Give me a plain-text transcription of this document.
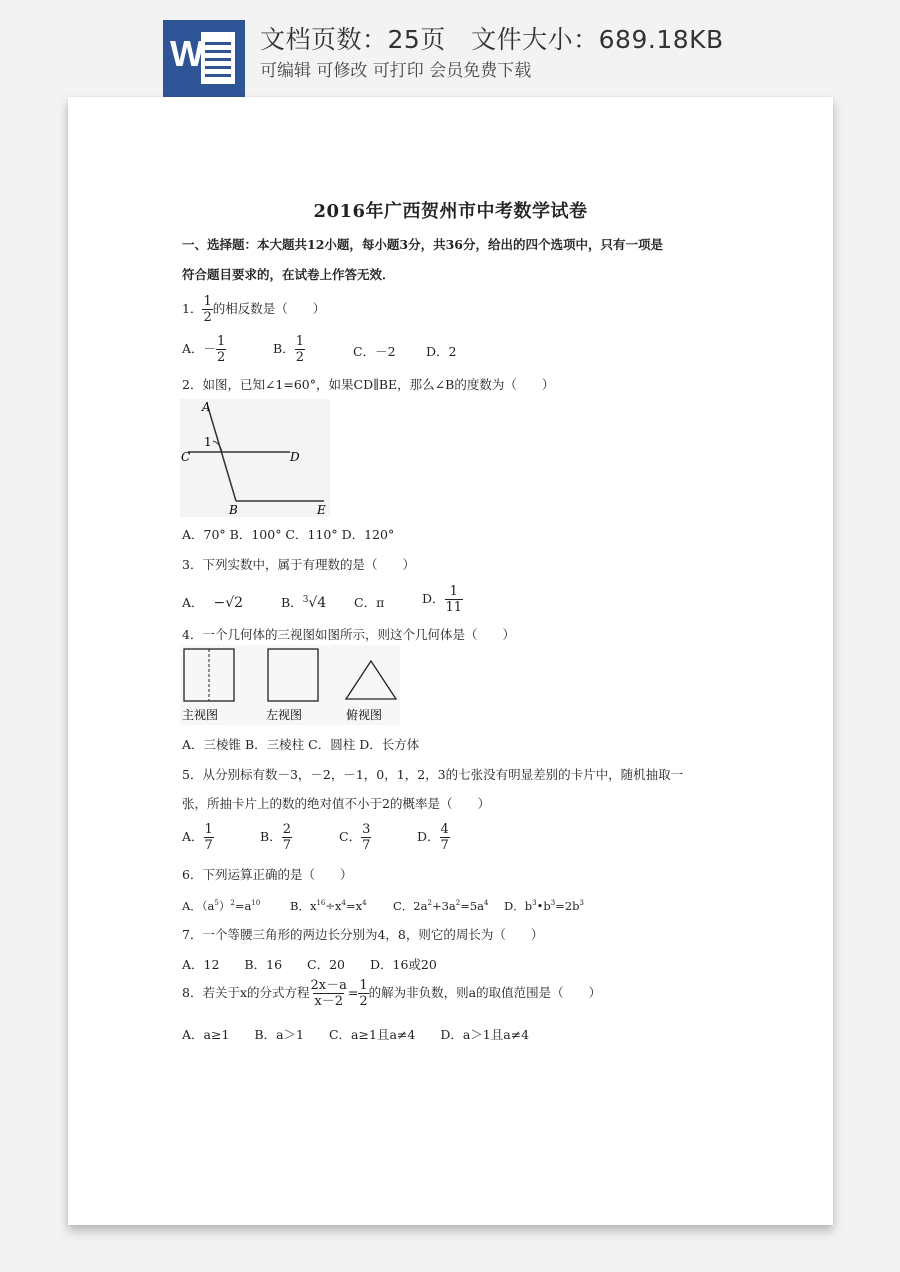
W 文档页数：25页   文件大小：689.18KB
可编辑 可修改 可打印 会员免费下载
2016年广西贺州市中考数学试卷
一、选择题：本大题共12小题，每小题3分，共36分，给出的四个选项中，只有一项是
符合题目要求的，在试卷上作答无效．
1． $\frac{1}{2}$ 的相反数是（　　）
A．－ $\frac{1}{2}$	B． $\frac{1}{2}$	C．－2 D．2
2．如图，已知∠1=60°，如果CD∥BE，那么∠B的度数为（　　）
A
1
C	D
B	E
A．70° B．100° C．110° D．120°
3．下列实数中，属于有理数的是（　　）
A． −√2	B．$^3$√4 C．π	D． $\frac{1}{11}$
4．一个几何体的三视图如图所示，则这个几何体是（　　）
主视图	左视图	俯视图
A．三棱锥 B．三棱柱 C．圆柱 D．长方体
5．从分别标有数－3，－2，－1，0，1，2，3的七张没有明显差别的卡片中，随机抽取一
张，所抽卡片上的数的绝对值不小于2的概率是（　　）
A． $\frac{1}{7}$	B． $\frac{2}{7}$	C． $\frac{3}{7}$	D． $\frac{4}{7}$
6．下列运算正确的是（　　）
A．$(a^5)^2=a^{10}$	B．$x^{16}\div x^4=x^4$ C．$2a^2+3a^2=5a^4$ D．$b^3•b^3=2b^3$
7．一个等腰三角形的两边长分别为4，8，则它的周长为（　　）
A．12　　B．16　　C．20　　D．16或20
8．若关于x的分式方程 $\frac{2x-a}{x-2} = \frac{1}{2}$ 的解为非负数，则a的取值范围是（　　）
A．a≥1　　B．a＞1　　C．a≥1且a≠4　　D．a＞1且a≠4
